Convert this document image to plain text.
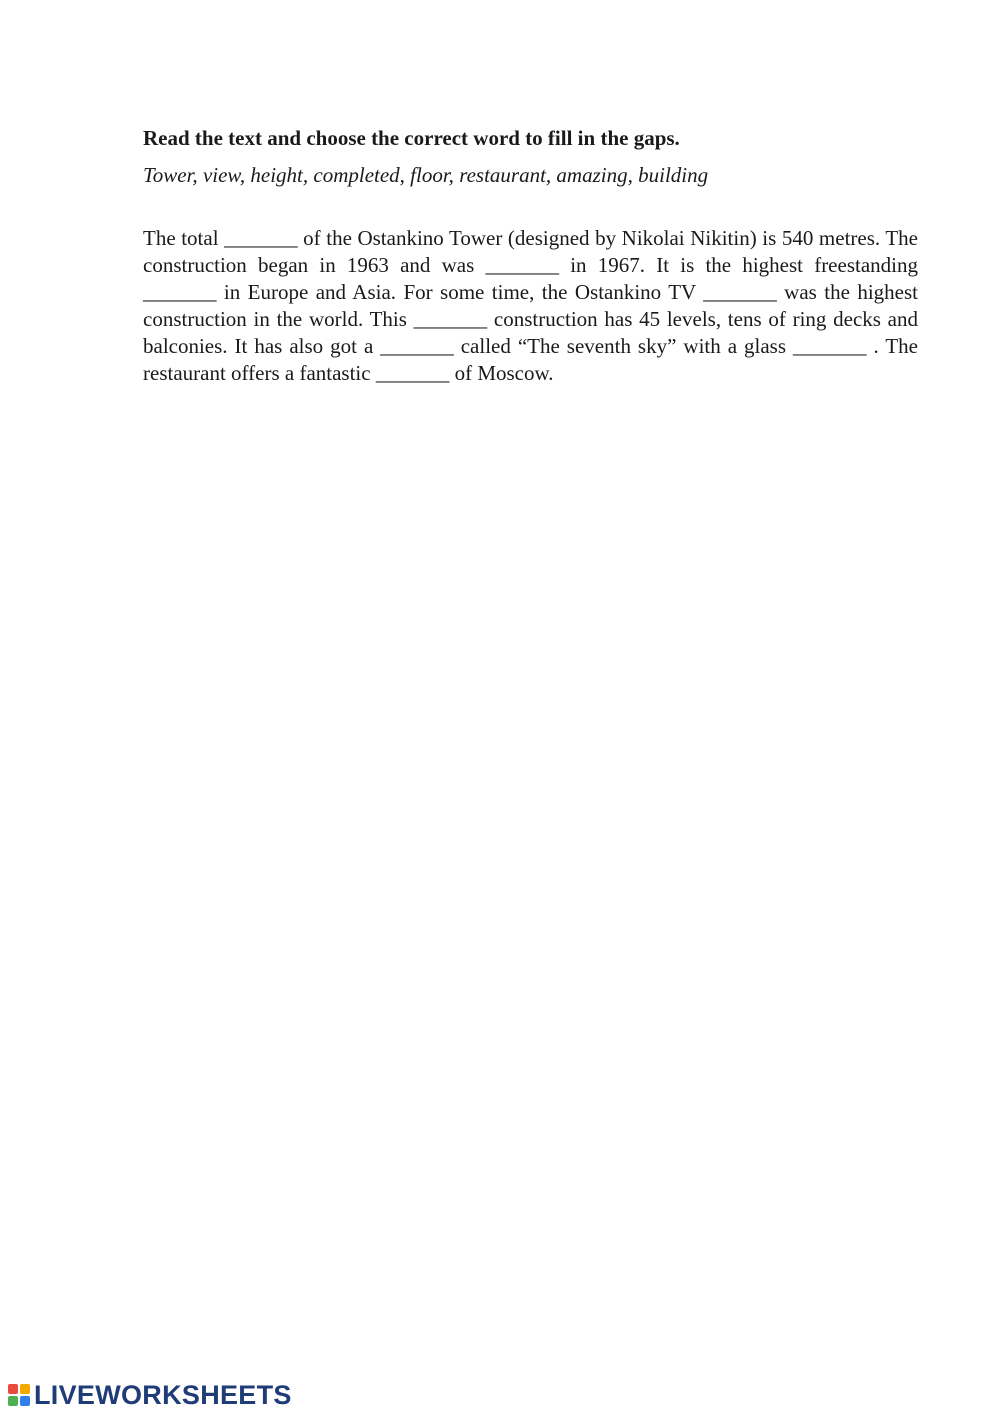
Read the text and choose the correct word to fill in the gaps.

Tower, view, height, completed, floor, restaurant, amazing, building

The total _______ of the Ostankino Tower (designed by Nikolai Nikitin) is 540 metres. The construction began in 1963 and was _______ in 1967. It is the highest freestanding _______ in Europe and Asia. For some time, the Ostankino TV _______ was the highest construction in the world. This _______ construction has 45 levels, tens of ring decks and balconies. It has also got a _______ called “The seventh sky” with a glass _______ . The restaurant offers a fantastic _______ of Moscow.

LIVEWORKSHEETS
